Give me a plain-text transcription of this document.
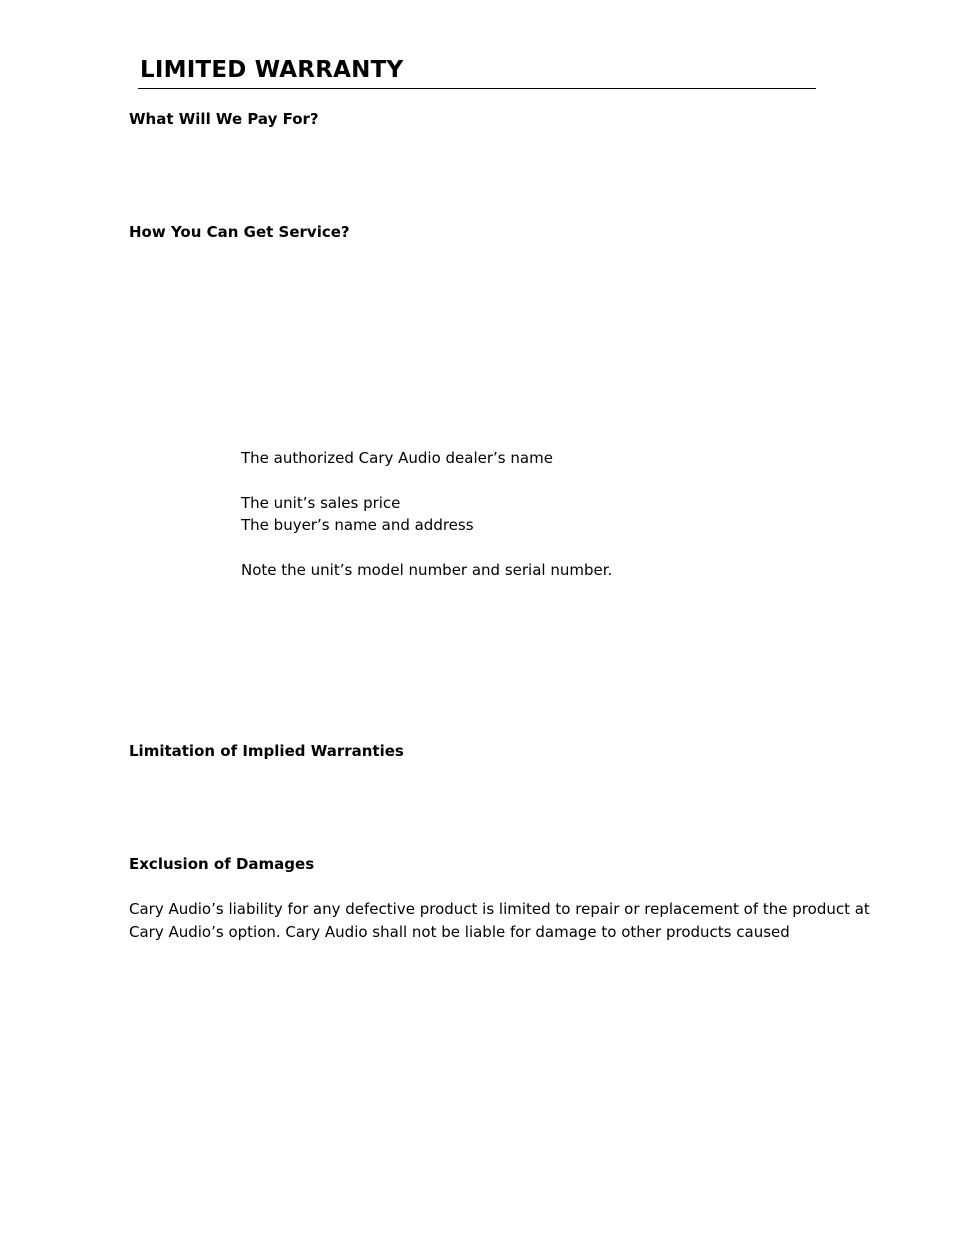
LIMITED WARRANTY
What Will We Pay For?
How You Can Get Service?

The authorized Cary Audio dealer’s name

The unit’s sales price

The buyer’s name and address

Note the unit’s model number and serial number.

Limitation of Implied Warranties
Exclusion of Damages

Cary Audio’s liability for any defective product is limited to repair or replacement of the product at
Cary Audio’s option. Cary Audio shall not be liable for damage to other products caused
